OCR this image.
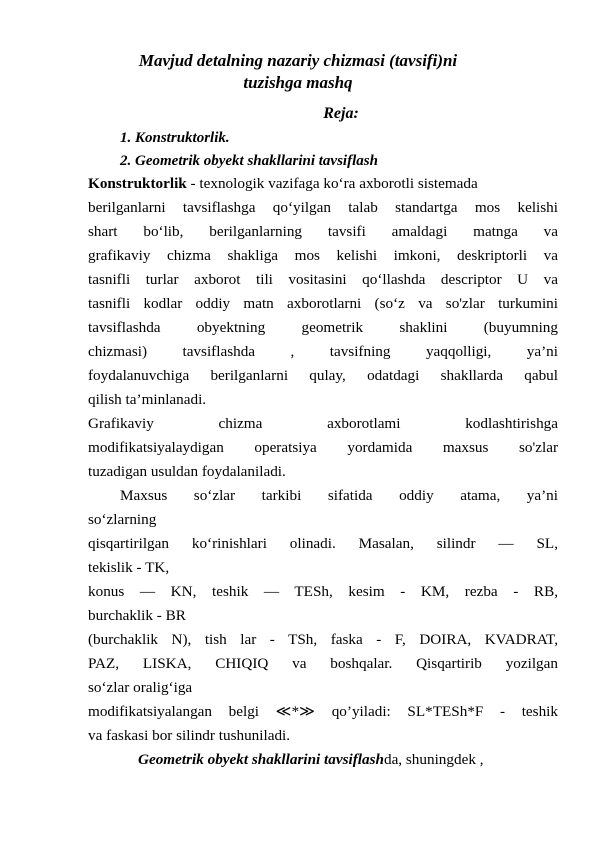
Mavjud detalning nazariy chizmasi (tavsifi)ni
tuzishga mashq
Reja:
1. Konstruktorlik.
2. Geometrik obyekt shakllarini tavsiflash
Konstruktorlik - texnologik vazifaga ko‘ra axborotli sistemada
berilganlarni tavsiflashga qo‘yilgan talab standartga mos kelishi
shart bo‘lib, berilganlarning tavsifi amaldagi matnga va
grafikaviy chizma shakliga mos kelishi imkoni, deskriptorli va
tasnifli turlar axborot tili vositasini qo‘llashda descriptor U va
tasnifli kodlar oddiy matn axborotlarni (so‘z va so'zlar turkumini
tavsiflashda obyektning geometrik shaklini (buyumning
chizmasi) tavsiflashda , tavsifning yaqqolligi, ya’ni
foydalanuvchiga berilganlarni qulay, odatdagi shakllarda qabul
qilish ta’minlanadi.
Grafikaviy chizma axborotlami kodlashtirishga
modifikatsiyalaydigan operatsiya yordamida maxsus so'zlar
tuzadigan usuldan foydalaniladi.
Maxsus so‘zlar tarkibi sifatida oddiy atama, ya’ni
so‘zlarning
qisqartirilgan ko‘rinishlari olinadi. Masalan, silindr — SL,
tekislik - TK,
konus — KN, teshik — TESh, kesim - KM, rezba - RB,
burchaklik - BR
(burchaklik N), tish lar - TSh, faska - F, DOIRA, KVADRAT,
PAZ, LISKA, CHIQIQ va boshqalar. Qisqartirib yozilgan
so‘zlar oralig‘iga
modifikatsiyalangan belgi ≪*≫ qo’yiladi: SL*TESh*F - teshik
va faskasi bor silindr tushuniladi.
Geometrik obyekt shakllarini tavsiflashda, shuningdek ,
